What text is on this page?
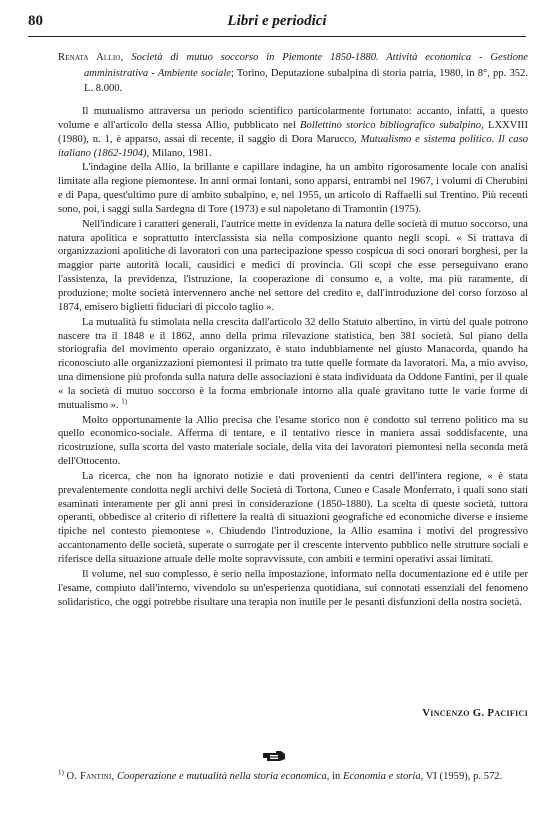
80	Libri e periodici
Renata Allio, Società di mutuo soccorso in Piemonte 1850-1880. Attività economica - Gestione amministrativa - Ambiente sociale; Torino, Deputazione subalpina di storia patria, 1980, in 8°, pp. 352. L. 8.000.

Il mutualismo attraversa un periodo scientifico particolarmente fortunato: accanto, infatti, a questo volume e all'articolo della stessa Allio, pubblicato nel Bollettino storico bibliografico subalpino, LXXVIII (1980), n. 1, è apparso, assai di recente, il saggio di Dora Marucco, Mutualismo e sistema politico. Il caso italiano (1862-1904), Milano, 1981.

L'indagine della Allio, la brillante e capillare indagine, ha un ambito rigorosamente locale con analisi limitate alla regione piemontese. In anni ormai lontani, sono apparsi, entrambi nel 1967, i volumi di Cherubini e di Papa, quest'ultimo pure di ambito subalpino, e, nel 1955, un articolo di Raffaelli sul Trentino. Più recenti sono, poi, i saggi sulla Sardegna di Tore (1973) e sul napoletano di Tramontin (1975).

Nell'indicare i caratteri generali, l'autrice mette in evidenza la natura delle società di mutuo soccorso, una natura apolitica e soprattutto interclassista sia nella composizione quanto negli scopi. « Si trattava di organizzazioni apolitiche di lavoratori con una partecipazione spesso cospicua di soci onorari borghesi, per la maggior parte autorità locali, causidici e medici di provincia. Gli scopi che esse perseguivano erano l'assistenza, la previdenza, l'istruzione, la cooperazione di consumo e, a volte, ma più raramente, di produzione; molte società intervennero anche nel settore del credito e, dall'introduzione del corso forzoso al 1874, emisero biglietti fiduciari di piccolo taglio ».

La mutualità fu stimolata nella crescita dall'articolo 32 dello Statuto albertino, in virtù del quale potrono nascere tra il 1848 e il 1862, anno della prima rilevazione statistica, ben 381 società. Sul piano della storiografia del movimento operaio organizzato, è stato indubbiamente nel giusto Manacorda, quando ha riconosciuto alle organizzazioni piemontesi il primato tra tutte quelle formate da lavoratori. Ma, a mio avviso, una dimensione più profonda sulla natura delle associazioni è stata individuata da Oddone Fantini, per il quale « la società di mutuo soccorso è la forma embrionale intorno alla quale gravitano tutte le varie forme di mutualismo ». $^{1)}$

Molto opportunamente la Allio precisa che l'esame storico non è condotto sul terreno politico ma su quello economico-sociale. Afferma di tentare, e il tentativo riesce in maniera assai soddisfacente, una ricostruzione, sulla scorta del vasto materiale sociale, della vita dei lavoratori piemontesi nella seconda metà dell'Ottocento.

La ricerca, che non ha ignorato notizie e dati provenienti da centri dell'intera regione, « è stata prevalentemente condotta negli archivi delle Società di Tortona, Cuneo e Casale Monferrato, i quali sono stati esaminati interamente per gli anni presi in considerazione (1850-1880). La scelta di queste società, tuttora operanti, obbedisce al criterio di riflettere la realtà di situazioni geografiche ed economiche diverse e insieme tipiche nel contesto piemontese ». Chiudendo l'introduzione, la Allio esamina i motivi del progressivo accantonamento delle società, superate o surrogate per il crescente intervento pubblico nelle strutture sociali e riferisce della situazione attuale delle molte sopravvissute, con ambiti e termini operativi assai limitati.

Il volume, nel suo complesso, è serio nella impostazione, informato nella documentazione ed è utile per l'esame, compiuto dall'interno, vivendolo su un'esperienza quotidiana, sui connotati essenziali del fenomeno solidaristico, che oggi potrebbe risultare una terapia non inutile per le pesanti disfunzioni della nostra società.

Vincenzo G. Pacifici
$^{1)}$ O. Fantini, Cooperazione e mutualità nella storia economica, in Economia e storia, VI (1959), p. 572.
